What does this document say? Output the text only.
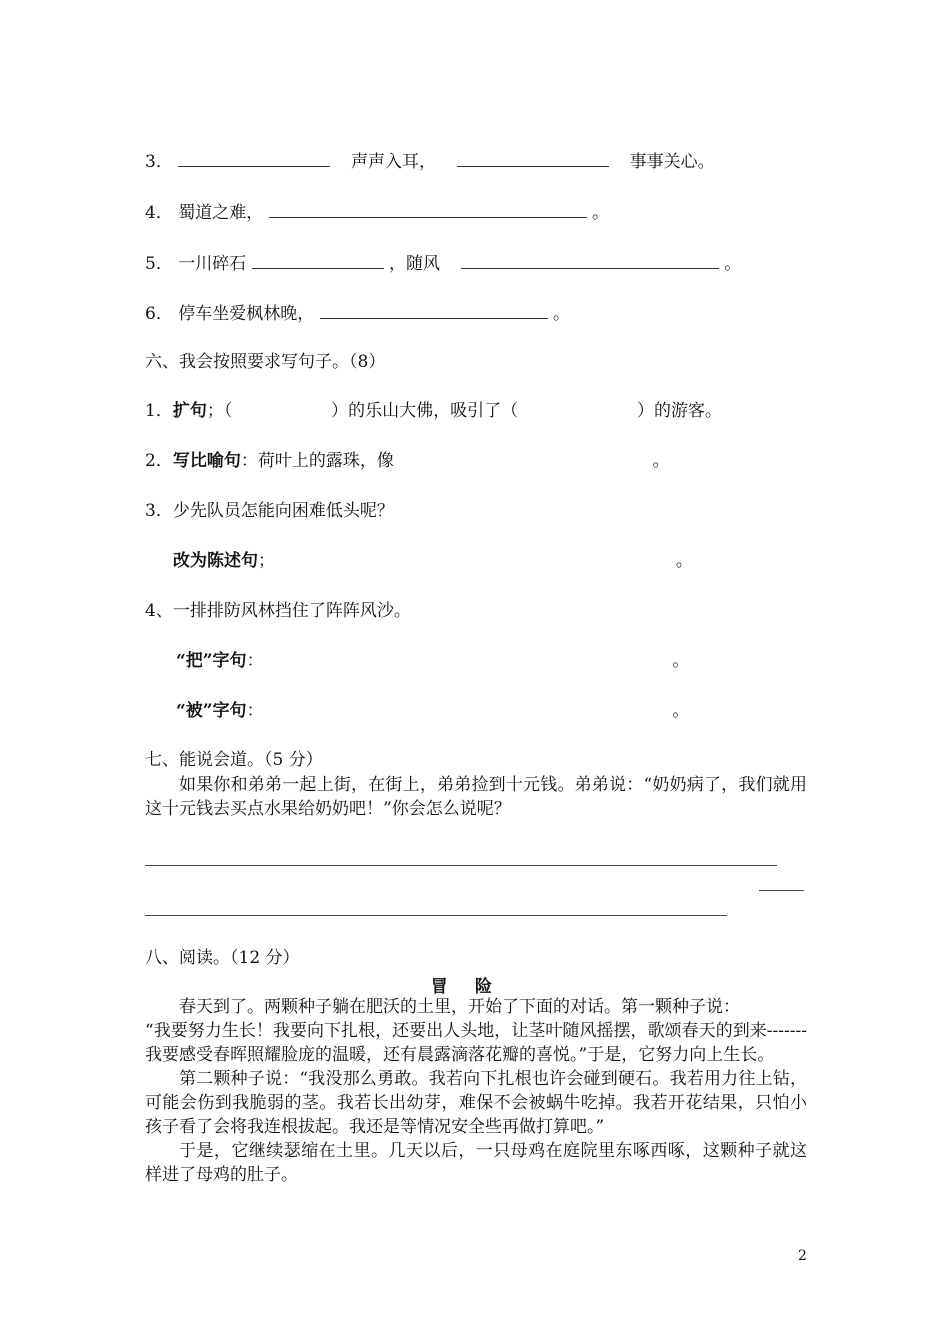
3．	声声入耳，	事事关心。
4． 蜀道之难，	。
5． 一川碎石	，随风	。
6． 停车坐爱枫林晚，	。
六、我会按照要求写句子。（8）
1．扩句；（	）的乐山大佛，吸引了（	）的游客。
2．写比喻句：荷叶上的露珠，像	。
3．少先队员怎能向困难低头呢？
改为陈述句；	。
4、一排排防风林挡住了阵阵风沙。
“把”字句：	。
“被”字句：	。
七、能说会道。（5 分）

如果你和弟弟一起上街，在街上，弟弟捡到十元钱。弟弟说：“奶奶病了，我们就用这十元钱去买点水果给奶奶吧！”你会怎么说呢？

八、阅读。（12 分）
冒险

春天到了。两颗种子躺在肥沃的土里，开始了下面的对话。第一颗种子说：

“我要努力生长！我要向下扎根，还要出人头地，让茎叶随风摇摆，歌颂春天的到来-------我要感受春晖照耀脸庞的温暖，还有晨露滴落花瓣的喜悦。”于是，它努力向上生长。

第二颗种子说：“我没那么勇敢。我若向下扎根也许会碰到硬石。我若用力往上钻，可能会伤到我脆弱的茎。我若长出幼芽，难保不会被蜗牛吃掉。我若开花结果，只怕小孩子看了会将我连根拔起。我还是等情况安全些再做打算吧。”

于是，它继续瑟缩在土里。几天以后，一只母鸡在庭院里东啄西啄，这颗种子就这样进了母鸡的肚子。

2
